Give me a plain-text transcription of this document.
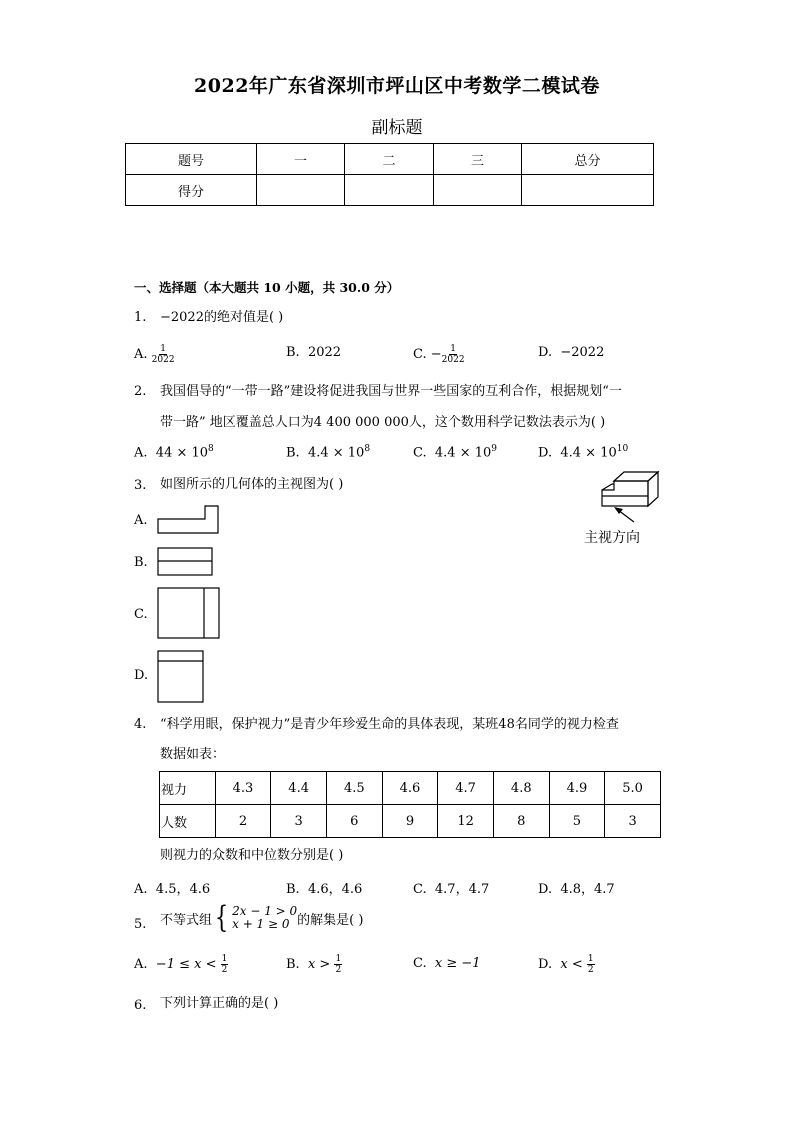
2022年广东省深圳市坪山区中考数学二模试卷
副标题
题号	一	二	三	总分
得分				
一、选择题（本大题共 10 小题，共 30.0 分）
1. −2022的绝对值是( )
A. $\frac{1}{2022}$	B. 2022	C. − $\frac{1}{2022}$	D. −2022
2. 我国倡导的“一带一路”建设将促进我国与世界一些国家的互利合作，根据规划“一
带一路” 地区覆盖总人口为4 400 000 000人，这个数用科学记数法表示为( )
A. $44 \times 10^8$	B. $4.4 \times 10^8$	C. $4.4 \times 10^9$	D. $4.4 \times 10^{10}$
3. 如图所示的几何体的主视图为( )
主视方向
A.
B.
C.
D.
4. “科学用眼，保护视力”是青少年珍爱生命的具体表现，某班48名同学的视力检查
数据如表：
视力	4.3	4.4	4.5	4.6	4.7	4.8	4.9	5.0
人数	2	3	6	9	12	8	5	3
则视力的众数和中位数分别是( )
A. 4.5，4.6	B. 4.6，4.6	C. 4.7，4.7	D. 4.8，4.7
5. 不等式组 { 2x − 1 > 0
x + 1 ≥ 0 的解集是( )
A. $-1 \le x < \frac{1}{2}$	B. $x > \frac{1}{2}$	C. x ≥ −1	D. $x < \frac{1}{2}$
6. 下列计算正确的是( )
